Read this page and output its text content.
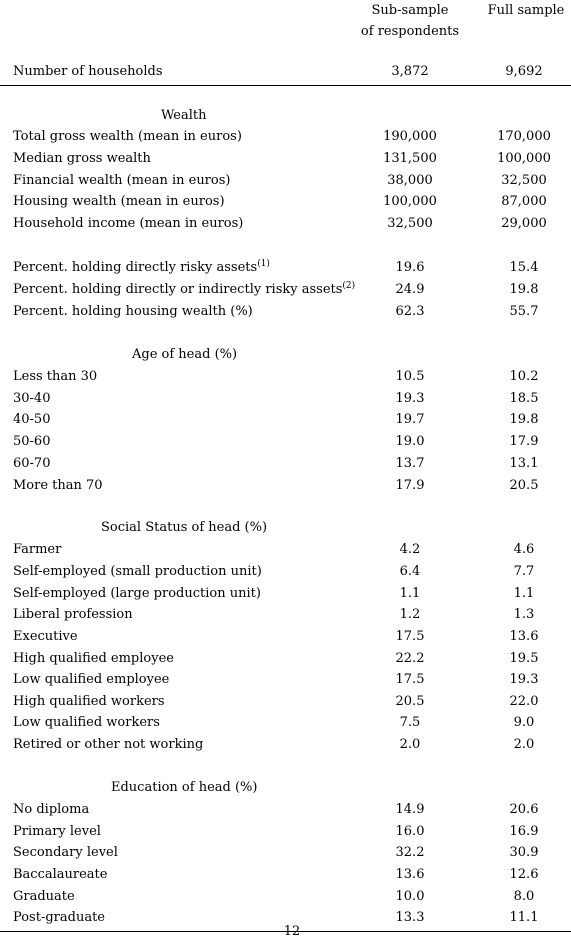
Sub-sample
of respondents
Full sample
Number of households	3,872	9,692
Wealth
Total gross wealth (mean in euros)	190,000	170,000
Median gross wealth	131,500	100,000
Financial wealth (mean in euros)	38,000	32,500
Housing wealth (mean in euros)	100,000	87,000
Household income (mean in euros)	32,500	29,000
Percent. holding directly risky assets$^{(1)}$	19.6	15.4
Percent. holding directly or indirectly risky assets$^{(2)}$	24.9	19.8
Percent. holding housing wealth (%)	62.3	55.7
Age of head (%)
Less than 30	10.5	10.2
30-40	19.3	18.5
40-50	19.7	19.8
50-60	19.0	17.9
60-70	13.7	13.1
More than 70	17.9	20.5
Social Status of head (%)
Farmer	4.2	4.6
Self-employed (small production unit)	6.4	7.7
Self-employed (large production unit)	1.1	1.1
Liberal profession	1.2	1.3
Executive	17.5	13.6
High qualified employee	22.2	19.5
Low qualified employee	17.5	19.3
High qualified workers	20.5	22.0
Low qualified workers	7.5	9.0
Retired or other not working	2.0	2.0
Education of head (%)
No diploma	14.9	20.6
Primary level	16.0	16.9
Secondary level	32.2	30.9
Baccalaureate	13.6	12.6
Graduate	10.0	8.0
Post-graduate	13.3	11.1
12
